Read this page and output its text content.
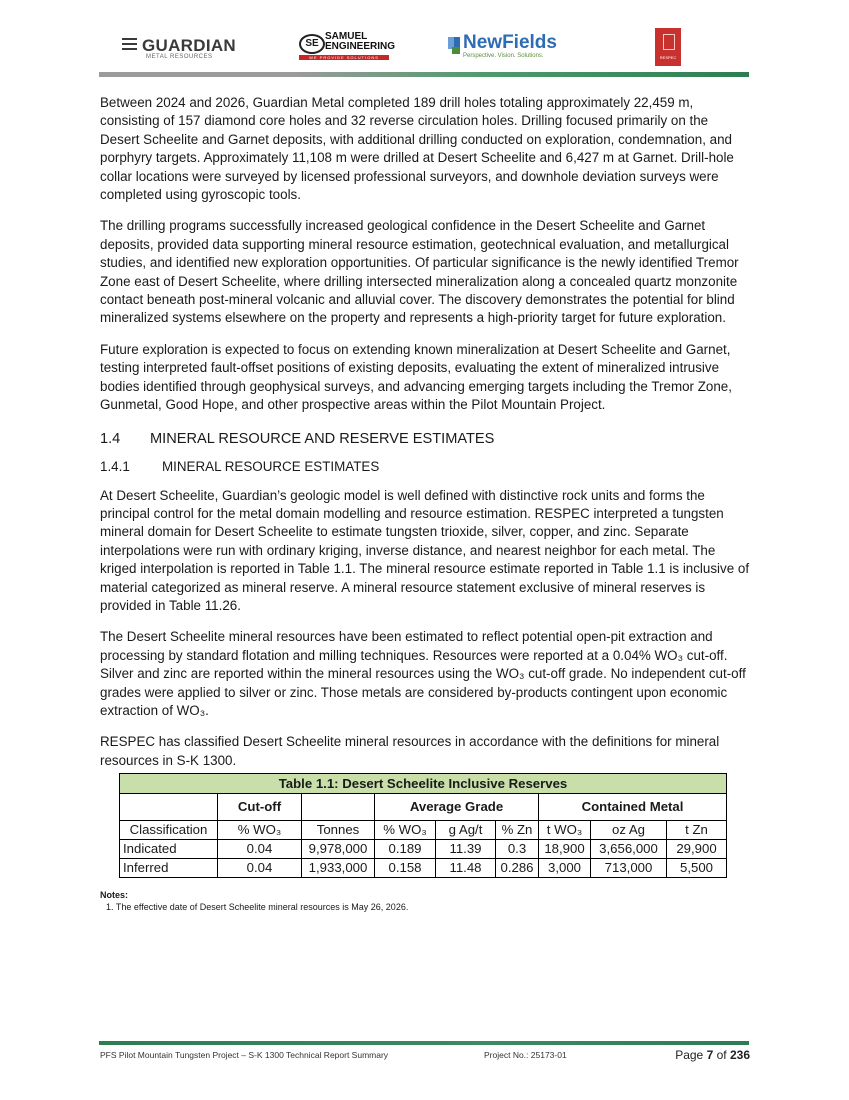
GUARDIAN
METAL RESOURCES
SE
SAMUEL
ENGINEERING
WE PROVIDE SOLUTIONS
NewFields
Perspective. Vision. Solutions.	RESPEC

Between 2024 and 2026, Guardian Metal completed 189 drill holes totaling approximately 22,459 m, consisting of 157 diamond core holes and 32 reverse circulation holes. Drilling focused primarily on the Desert Scheelite and Garnet deposits, with additional drilling conducted on exploration, condemnation, and porphyry targets. Approximately 11,108 m were drilled at Desert Scheelite and 6,427 m at Garnet. Drill-hole collar locations were surveyed by licensed professional surveyors, and downhole deviation surveys were completed using gyroscopic tools.

The drilling programs successfully increased geological confidence in the Desert Scheelite and Garnet deposits, provided data supporting mineral resource estimation, geotechnical evaluation, and metallurgical studies, and identified new exploration opportunities. Of particular significance is the newly identified Tremor Zone east of Desert Scheelite, where drilling intersected mineralization along a concealed quartz monzonite contact beneath post-mineral volcanic and alluvial cover. The discovery demonstrates the potential for blind mineralized systems elsewhere on the property and represents a high-priority target for future exploration.

Future exploration is expected to focus on extending known mineralization at Desert Scheelite and Garnet, testing interpreted fault-offset positions of existing deposits, evaluating the extent of mineralized intrusive bodies identified through geophysical surveys, and advancing emerging targets including the Tremor Zone, Gunmetal, Good Hope, and other prospective areas within the Pilot Mountain Project.

1.4	MINERAL RESOURCE AND RESERVE ESTIMATES
1.4.1	MINERAL RESOURCE ESTIMATES

At Desert Scheelite, Guardian’s geologic model is well defined with distinctive rock units and forms the principal control for the metal domain modelling and resource estimation. RESPEC interpreted a tungsten mineral domain for Desert Scheelite to estimate tungsten trioxide, silver, copper, and zinc. Separate interpolations were run with ordinary kriging, inverse distance, and nearest neighbor for each metal. The kriged interpolation is reported in Table 1.1. The mineral resource estimate reported in Table 1.1 is inclusive of material categorized as mineral reserve. A mineral resource statement exclusive of mineral reserves is provided in Table 11.26.

The Desert Scheelite mineral resources have been estimated to reflect potential open-pit extraction and processing by standard flotation and milling techniques. Resources were reported at a 0.04% WO₃ cut-off. Silver and zinc are reported within the mineral resources using the WO₃ cut-off grade. No independent cut-off grades were applied to silver or zinc. Those metals are considered by-products contingent upon economic extraction of WO₃.

RESPEC has classified Desert Scheelite mineral resources in accordance with the definitions for mineral resources in S-K 1300.

Table 1.1: Desert Scheelite Inclusive Reserves								
	Cut-off		Average Grade			Contained Metal		
Classification	% WO₃	Tonnes	% WO₃	g Ag/t	% Zn	t WO₃	oz Ag	t Zn
Indicated	0.04	9,978,000	0.189	11.39	0.3	18,900	3,656,000	29,900
Inferred	0.04	1,933,000	0.158	11.48	0.286	3,000	713,000	5,500
Notes:
1. The effective date of Desert Scheelite mineral resources is May 26, 2026.
PFS Pilot Mountain Tungsten Project – S-K 1300 Technical Report Summary	Project No.: 25173-01	Page 7 of 236
